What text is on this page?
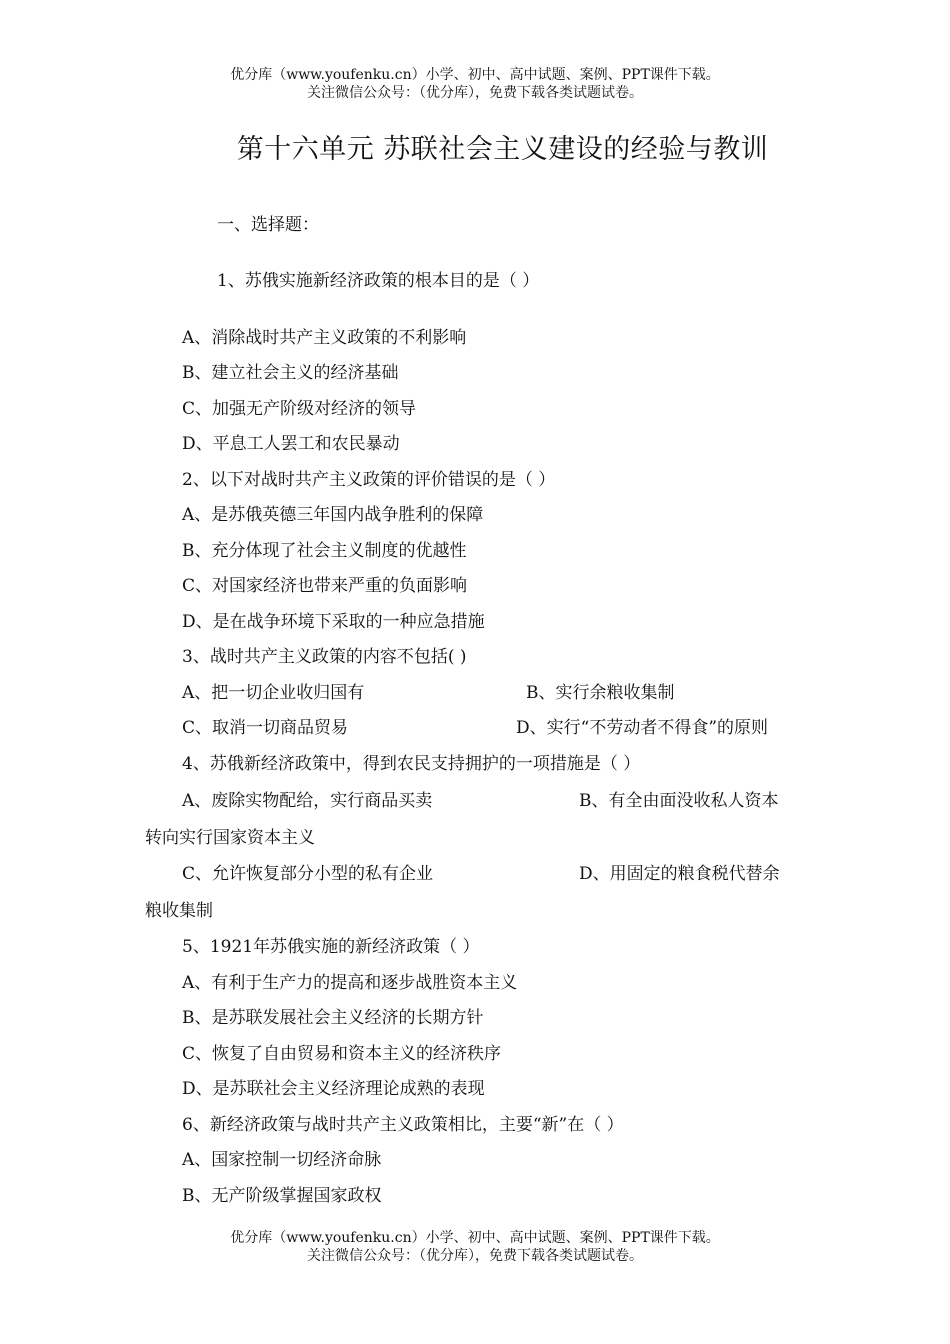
优分库（www.youfenku.cn）小学、初中、高中试题、案例、PPT课件下载。
关注微信公众号：（优分库），免费下载各类试题试卷。
第十六单元 苏联社会主义建设的经验与教训
一、选择题：
1、苏俄实施新经济政策的根本目的是（ ）
A、消除战时共产主义政策的不利影响
B、建立社会主义的经济基础
C、加强无产阶级对经济的领导
D、平息工人罢工和农民暴动
2、以下对战时共产主义政策的评价错误的是（ ）
A、是苏俄英德三年国内战争胜利的保障
B、充分体现了社会主义制度的优越性
C、对国家经济也带来严重的负面影响
D、是在战争环境下采取的一种应急措施
3、战时共产主义政策的内容不包括( )
A、把一切企业收归国有	B、实行余粮收集制
C、取消一切商品贸易	D、实行“不劳动者不得食”的原则
4、苏俄新经济政策中，得到农民支持拥护的一项措施是（ ）
A、废除实物配给，实行商品买卖	B、有全由面没收私人资本
转向实行国家资本主义
C、允许恢复部分小型的私有企业	D、用固定的粮食税代替余
粮收集制
5、1921年苏俄实施的新经济政策（ ）
A、有利于生产力的提高和逐步战胜资本主义
B、是苏联发展社会主义经济的长期方针
C、恢复了自由贸易和资本主义的经济秩序
D、是苏联社会主义经济理论成熟的表现
6、新经济政策与战时共产主义政策相比，主要“新”在（ ）
A、国家控制一切经济命脉
B、无产阶级掌握国家政权
优分库（www.youfenku.cn）小学、初中、高中试题、案例、PPT课件下载。
关注微信公众号：（优分库），免费下载各类试题试卷。
